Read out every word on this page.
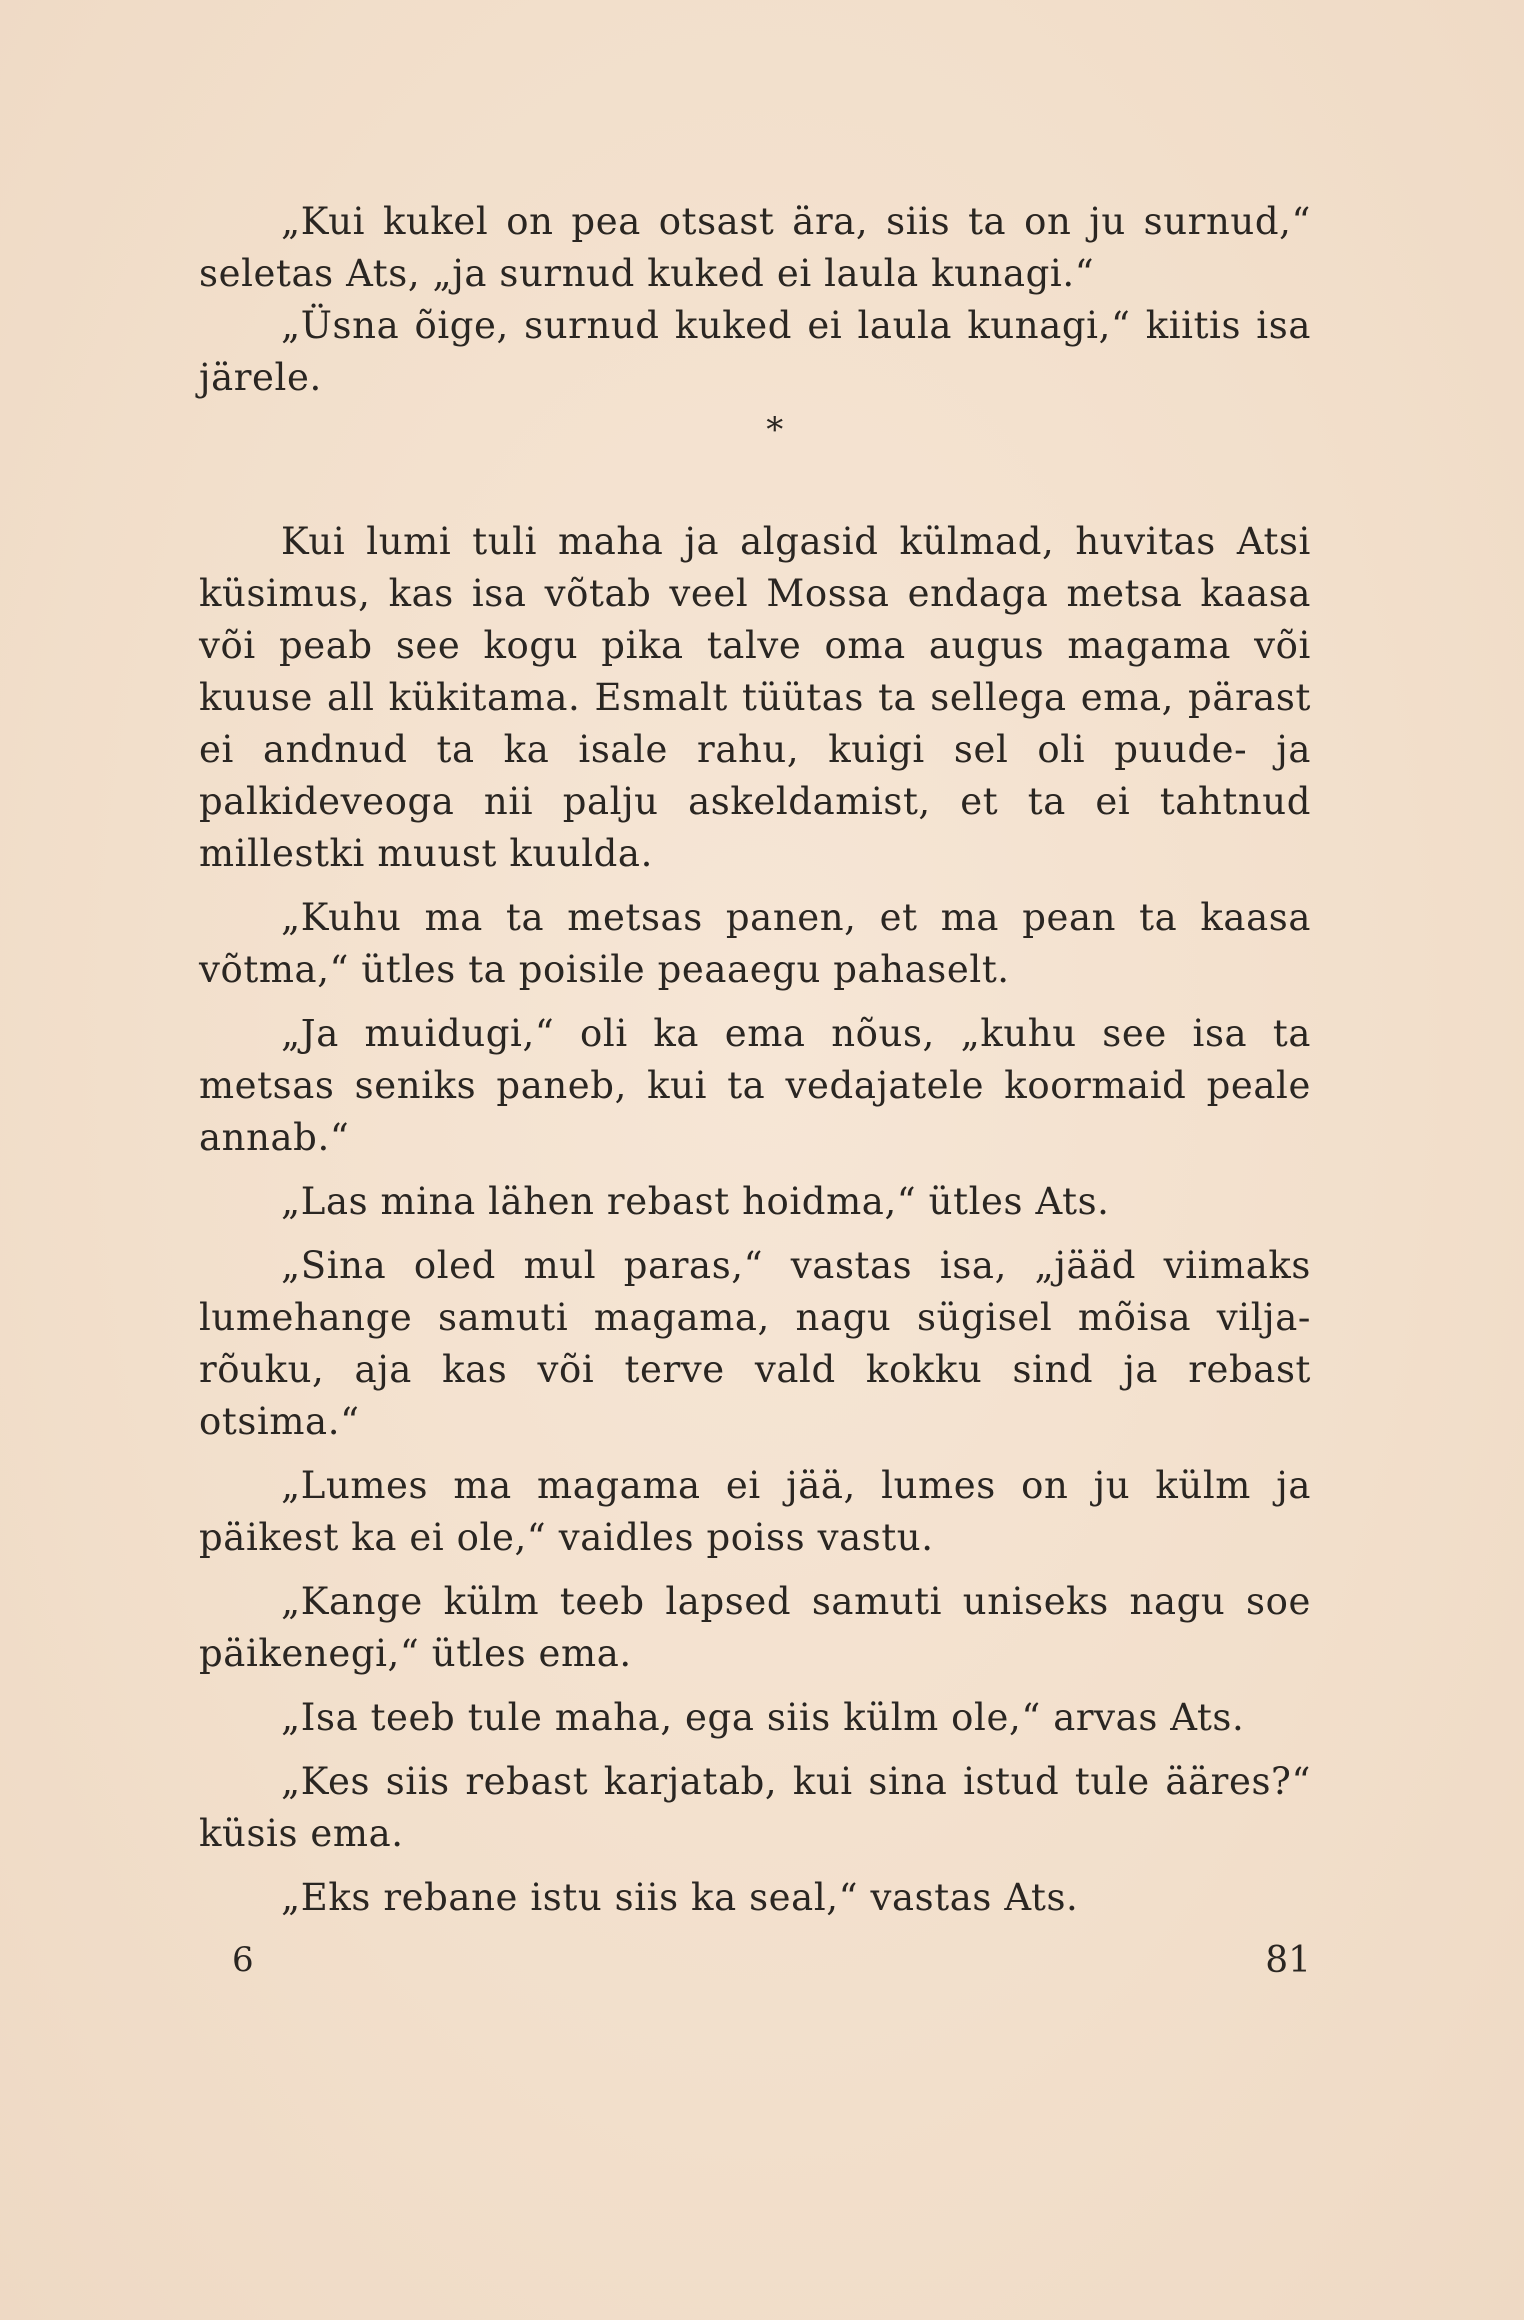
„Kui kukel on pea otsast ära, siis ta on ju surnud,“ seletas Ats, „ja surnud kuked ei laula kunagi.“

„Üsna õige, surnud kuked ei laula kunagi,“ kiitis isa järele.

*

Kui lumi tuli maha ja algasid külmad, huvitas Atsi küsimus, kas isa võtab veel Mossa endaga metsa kaasa või peab see kogu pika talve oma augus magama või kuuse all kükitama. Esmalt tüütas ta sellega ema, pärast ei andnud ta ka isale rahu, kuigi sel oli puude- ja palkideveoga nii palju askeldamist, et ta ei tahtnud millestki muust kuulda.

„Kuhu ma ta metsas panen, et ma pean ta kaasa võtma,“ ütles ta poisile peaaegu pahaselt.

„Ja muidugi,“ oli ka ema nõus, „kuhu see isa ta metsas seniks paneb, kui ta vedajatele koormaid peale annab.“

„Las mina lähen rebast hoidma,“ ütles Ats.

„Sina oled mul paras,“ vastas isa, „jääd viimaks lumehange samuti magama, nagu sügisel mõisa vilja- rõuku, aja kas või terve vald kokku sind ja rebast otsima.“

„Lumes ma magama ei jää, lumes on ju külm ja päikest ka ei ole,“ vaidles poiss vastu.

„Kange külm teeb lapsed samuti uniseks nagu soe päikenegi,“ ütles ema.

„Isa teeb tule maha, ega siis külm ole,“ arvas Ats.

„Kes siis rebast karjatab, kui sina istud tule ääres?“ küsis ema.

„Eks rebane istu siis ka seal,“ vastas Ats.

6	81
